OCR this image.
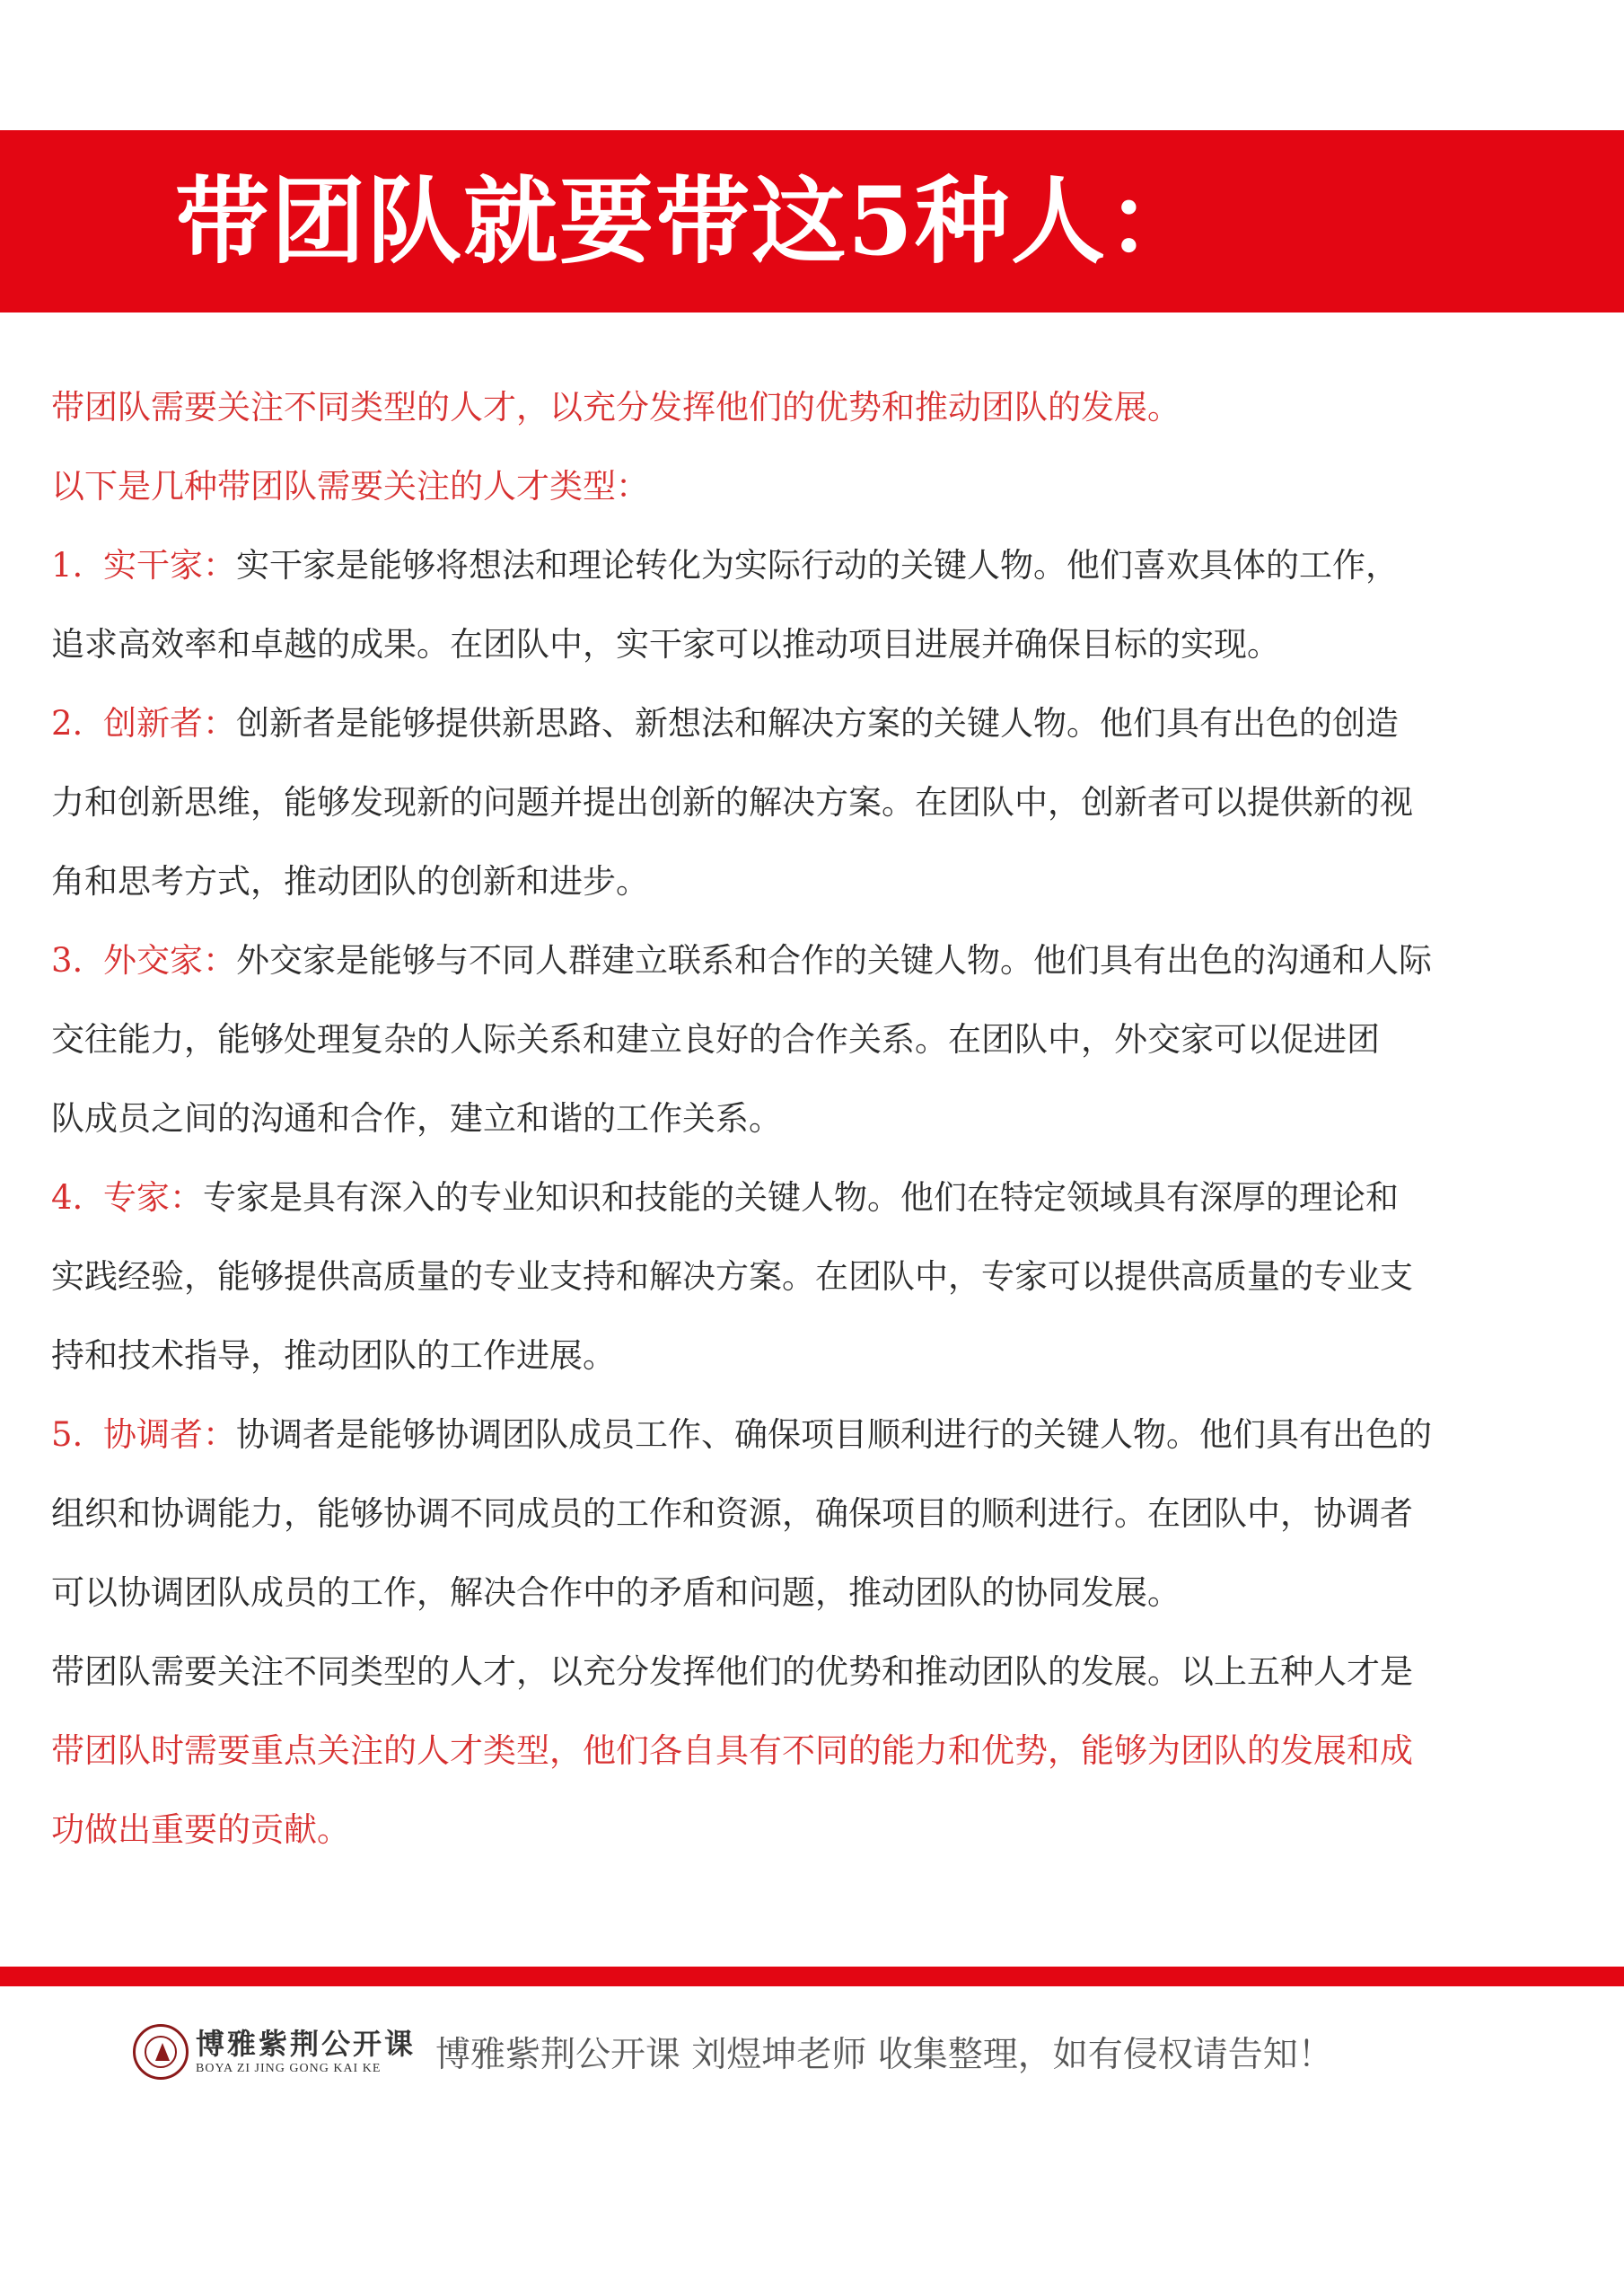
带团队就要带这5种人：
带团队需要关注不同类型的人才，以充分发挥他们的优势和推动团队的发展。
以下是几种带团队需要关注的人才类型：
1. 实干家：实干家是能够将想法和理论转化为实际行动的关键人物。他们喜欢具体的工作，
追求高效率和卓越的成果。在团队中，实干家可以推动项目进展并确保目标的实现。
2. 创新者：创新者是能够提供新思路、新想法和解决方案的关键人物。他们具有出色的创造
力和创新思维，能够发现新的问题并提出创新的解决方案。在团队中，创新者可以提供新的视
角和思考方式，推动团队的创新和进步。
3. 外交家：外交家是能够与不同人群建立联系和合作的关键人物。他们具有出色的沟通和人际
交往能力，能够处理复杂的人际关系和建立良好的合作关系。在团队中，外交家可以促进团
队成员之间的沟通和合作，建立和谐的工作关系。
4. 专家：专家是具有深入的专业知识和技能的关键人物。他们在特定领域具有深厚的理论和
实践经验，能够提供高质量的专业支持和解决方案。在团队中，专家可以提供高质量的专业支
持和技术指导，推动团队的工作进展。
5. 协调者：协调者是能够协调团队成员工作、确保项目顺利进行的关键人物。他们具有出色的
组织和协调能力，能够协调不同成员的工作和资源，确保项目的顺利进行。在团队中，协调者
可以协调团队成员的工作，解决合作中的矛盾和问题，推动团队的协同发展。
带团队需要关注不同类型的人才，以充分发挥他们的优势和推动团队的发展。以上五种人才是
带团队时需要重点关注的人才类型，他们各自具有不同的能力和优势，能够为团队的发展和成
功做出重要的贡献。
博雅紫荆公开课
BOYA ZI JING GONG KAI KE	博雅紫荆公开课 刘煜坤老师 收集整理，如有侵权请告知！
